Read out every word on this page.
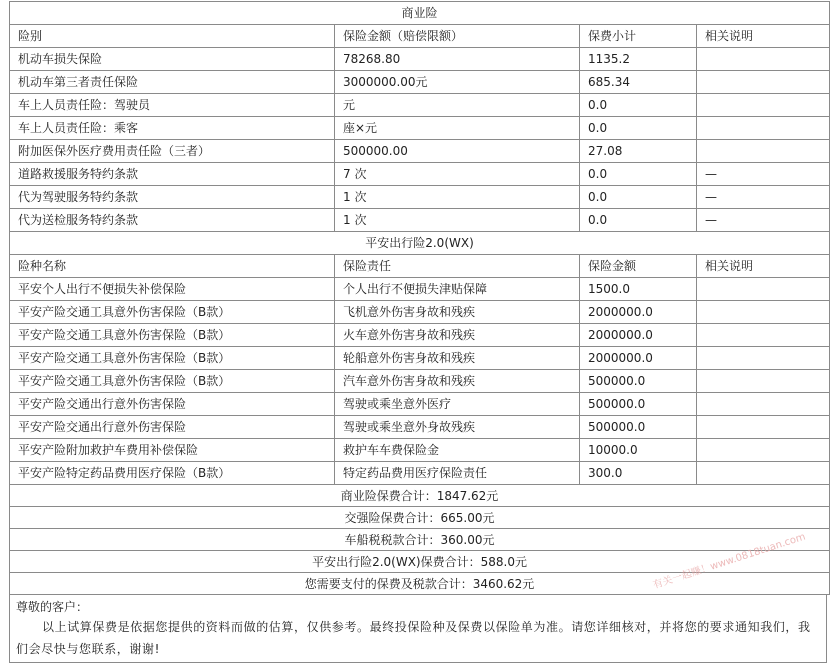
商业险			
险别	保险金额（赔偿限额）	保费小计	相关说明
机动车损失保险	78268.80	1135.2	
机动车第三者责任保险	3000000.00元	685.34	
车上人员责任险：驾驶员	元	0.0	
车上人员责任险：乘客	座×元	0.0	
附加医保外医疗费用责任险（三者）	500000.00	27.08	
道路救援服务特约条款	7 次	0.0	—
代为驾驶服务特约条款	1 次	0.0	—
代为送检服务特约条款	1 次	0.0	—
平安出行险2.0(WX)			
险种名称	保险责任	保险金额	相关说明
平安个人出行不便损失补偿保险	个人出行不便损失津贴保障	1500.0	
平安产险交通工具意外伤害保险（B款）	飞机意外伤害身故和残疾	2000000.0	
平安产险交通工具意外伤害保险（B款）	火车意外伤害身故和残疾	2000000.0	
平安产险交通工具意外伤害保险（B款）	轮船意外伤害身故和残疾	2000000.0	
平安产险交通工具意外伤害保险（B款）	汽车意外伤害身故和残疾	500000.0	
平安产险交通出行意外伤害保险	驾驶或乘坐意外医疗	500000.0	
平安产险交通出行意外伤害保险	驾驶或乘坐意外身故残疾	500000.0	
平安产险附加救护车费用补偿保险	救护车车费保险金	10000.0	
平安产险特定药品费用医疗保险（B款）	特定药品费用医疗保险责任	300.0	
商业险保费合计：1847.62元			
交强险保费合计：665.00元			
车船税税款合计：360.00元			
平安出行险2.0(WX)保费合计：588.0元			
您需要支付的保费及税款合计：3460.62元			
尊敬的客户：
以上试算保费是依据您提供的资料而做的估算，仅供参考。最终投保险种及保费以保险单为准。请您详细核对，并将您的要求通知我们，我们会尽快与您联系，谢谢!
有关一起赚！www.0818tuan.com
